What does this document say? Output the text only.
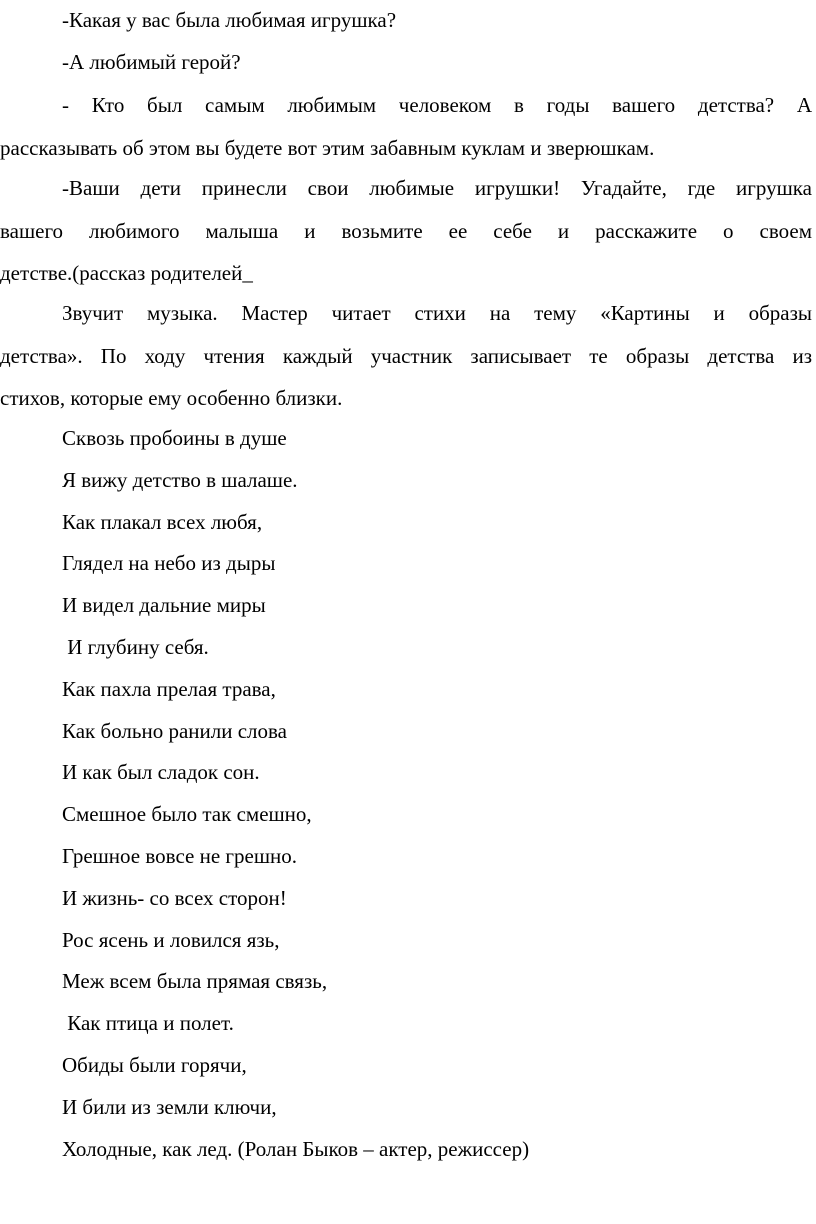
-Какая у вас была любимая игрушка?

-А любимый герой?

- Кто был самым любимым человеком в годы вашего детства? А
рассказывать об этом вы будете вот этим забавным куклам и зверюшкам.
-Ваши дети принесли свои любимые игрушки! Угадайте, где игрушка
вашего любимого малыша и возьмите ее себе и расскажите о своем
детстве.(рассказ родителей_
Звучит музыка. Мастер читает стихи на тему «Картины и образы
детства». По ходу чтения каждый участник записывает те образы детства из
стихов, которые ему особенно близки.
Сквозь пробоины в душе
Я вижу детство в шалаше.
Как плакал всех любя,
Глядел на небо из дыры
И видел дальние миры
И глубину себя.
Как пахла прелая трава,
Как больно ранили слова
И как был сладок сон.
Смешное было так смешно,
Грешное вовсе не грешно.
И жизнь- со всех сторон!
Рос ясень и ловился язь,
Меж всем была прямая связь,
Как птица и полет.
Обиды были горячи,
И били из земли ключи,
Холодные, как лед. (Ролан Быков – актер, режиссер)
